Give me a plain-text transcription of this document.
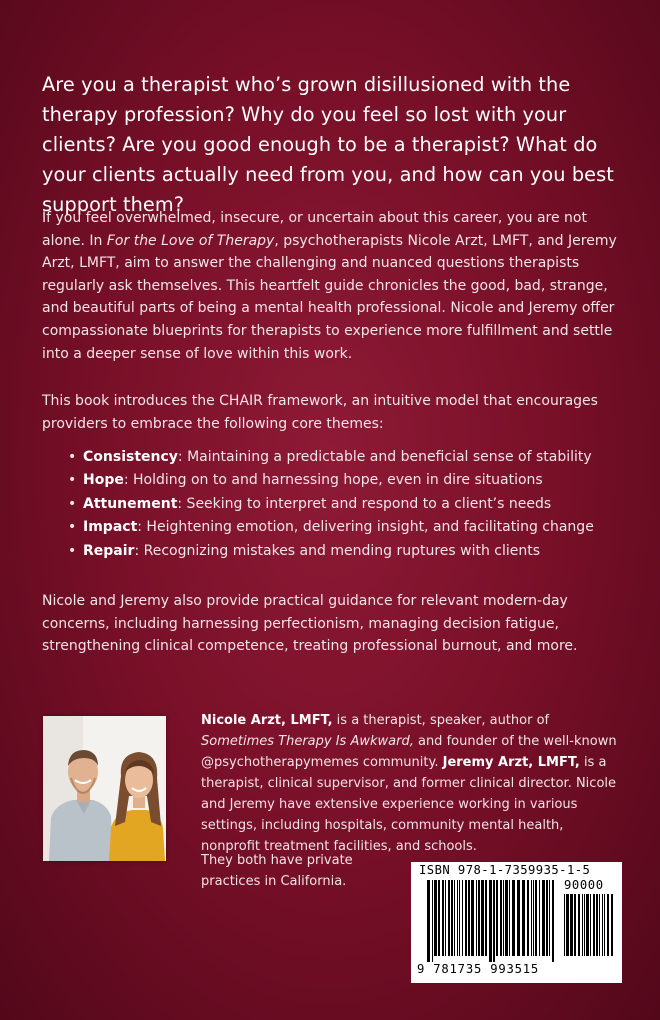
Are you a therapist who’s grown disillusioned with the therapy profession? Why do you feel so lost with your clients? Are you good enough to be a therapist? What do your clients actually need from you, and how can you best support them?

If you feel overwhelmed, insecure, or uncertain about this career, you are not alone. In For the Love of Therapy, psychotherapists Nicole Arzt, LMFT, and Jeremy Arzt, LMFT, aim to answer the challenging and nuanced questions therapists regularly ask themselves. This heartfelt guide chronicles the good, bad, strange, and beautiful parts of being a mental health professional. Nicole and Jeremy offer compassionate blueprints for therapists to experience more fulfillment and settle into a deeper sense of love within this work.

This book introduces the CHAIR framework, an intuitive model that encourages providers to embrace the following core themes:

• Consistency: Maintaining a predictable and beneficial sense of stability
• Hope: Holding on to and harnessing hope, even in dire situations
• Attunement: Seeking to interpret and respond to a client’s needs
• Impact: Heightening emotion, delivering insight, and facilitating change
• Repair: Recognizing mistakes and mending ruptures with clients

Nicole and Jeremy also provide practical guidance for relevant modern-day concerns, including harnessing perfectionism, managing decision fatigue, strengthening clinical competence, treating professional burnout, and more.

Nicole Arzt, LMFT, is a therapist, speaker, author of Sometimes Therapy Is Awkward, and founder of the well-known @psychotherapymemes community. Jeremy Arzt, LMFT, is a therapist, clinical supervisor, and former clinical director. Nicole and Jeremy have extensive experience working in various settings, including hospitals, community mental health, nonprofit treatment facilities, and schools.

They both have private practices in California.

ISBN 978-1-7359935-1-5
90000
9 781735 993515
